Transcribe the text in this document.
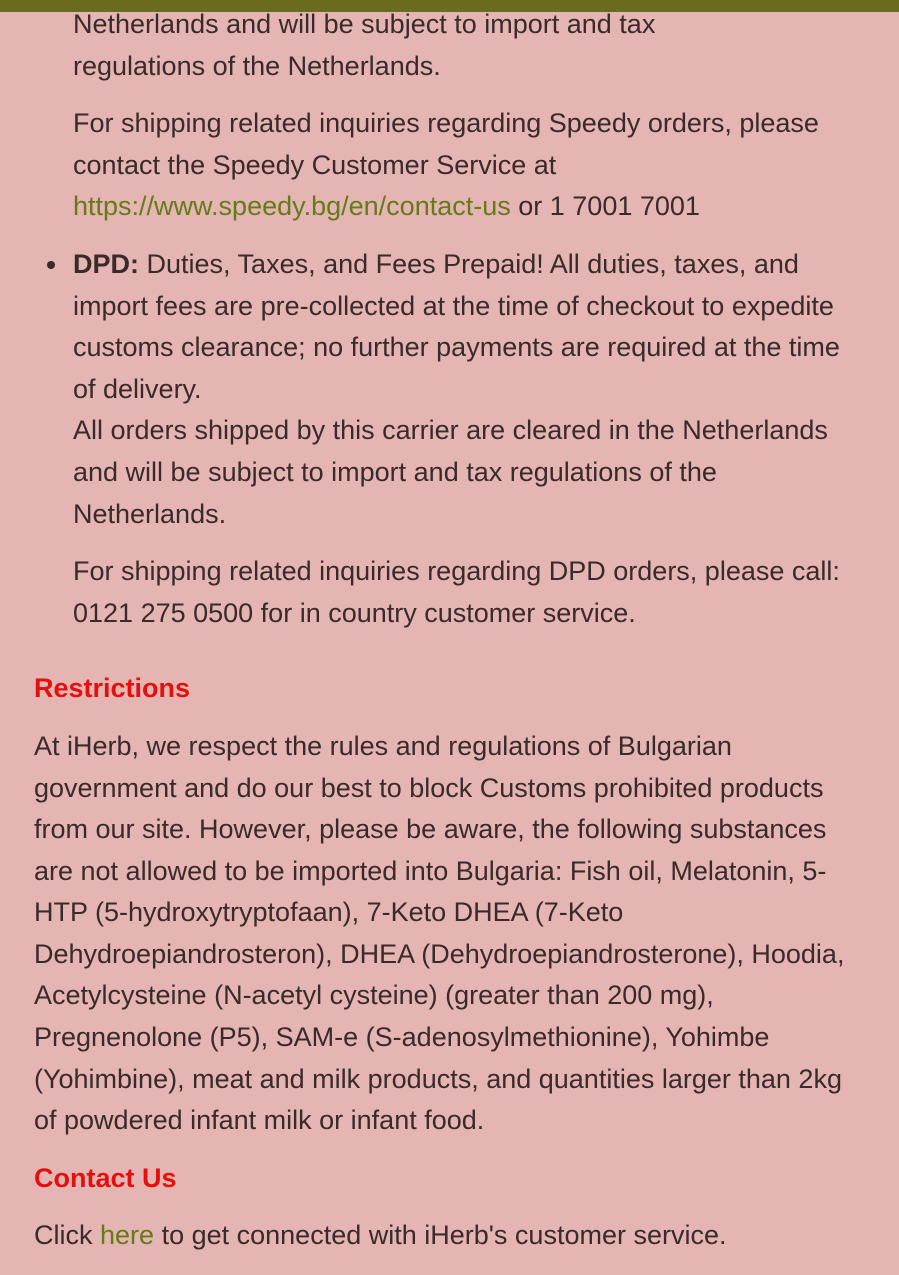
Netherlands and will be subject to import and tax
regulations of the Netherlands.

For shipping related inquiries regarding Speedy orders, please contact the Speedy Customer Service at
https://www.speedy.bg/en/contact-us or 1 7001 7001

DPD: Duties, Taxes, and Fees Prepaid! All duties, taxes, and import fees are pre-collected at the time of checkout to expedite customs clearance; no further payments are required at the time of delivery.
All orders shipped by this carrier are cleared in the Netherlands and will be subject to import and tax regulations of the Netherlands.

For shipping related inquiries regarding DPD orders, please call: 0121 275 0500 for in country customer service.

Restrictions

At iHerb, we respect the rules and regulations of Bulgarian government and do our best to block Customs prohibited products from our site. However, please be aware, the following substances are not allowed to be imported into Bulgaria: Fish oil, Melatonin, 5-HTP (5-hydroxytryptofaan), 7-Keto DHEA (7-Keto Dehydroepiandrosteron), DHEA (Dehydroepiandrosterone), Hoodia, Acetylcysteine (N-acetyl cysteine) (greater than 200 mg), Pregnenolone (P5), SAM-e (S-adenosylmethionine), Yohimbe (Yohimbine), meat and milk products, and quantities larger than 2kg of powdered infant milk or infant food.

Contact Us

Click here to get connected with iHerb's customer service.
